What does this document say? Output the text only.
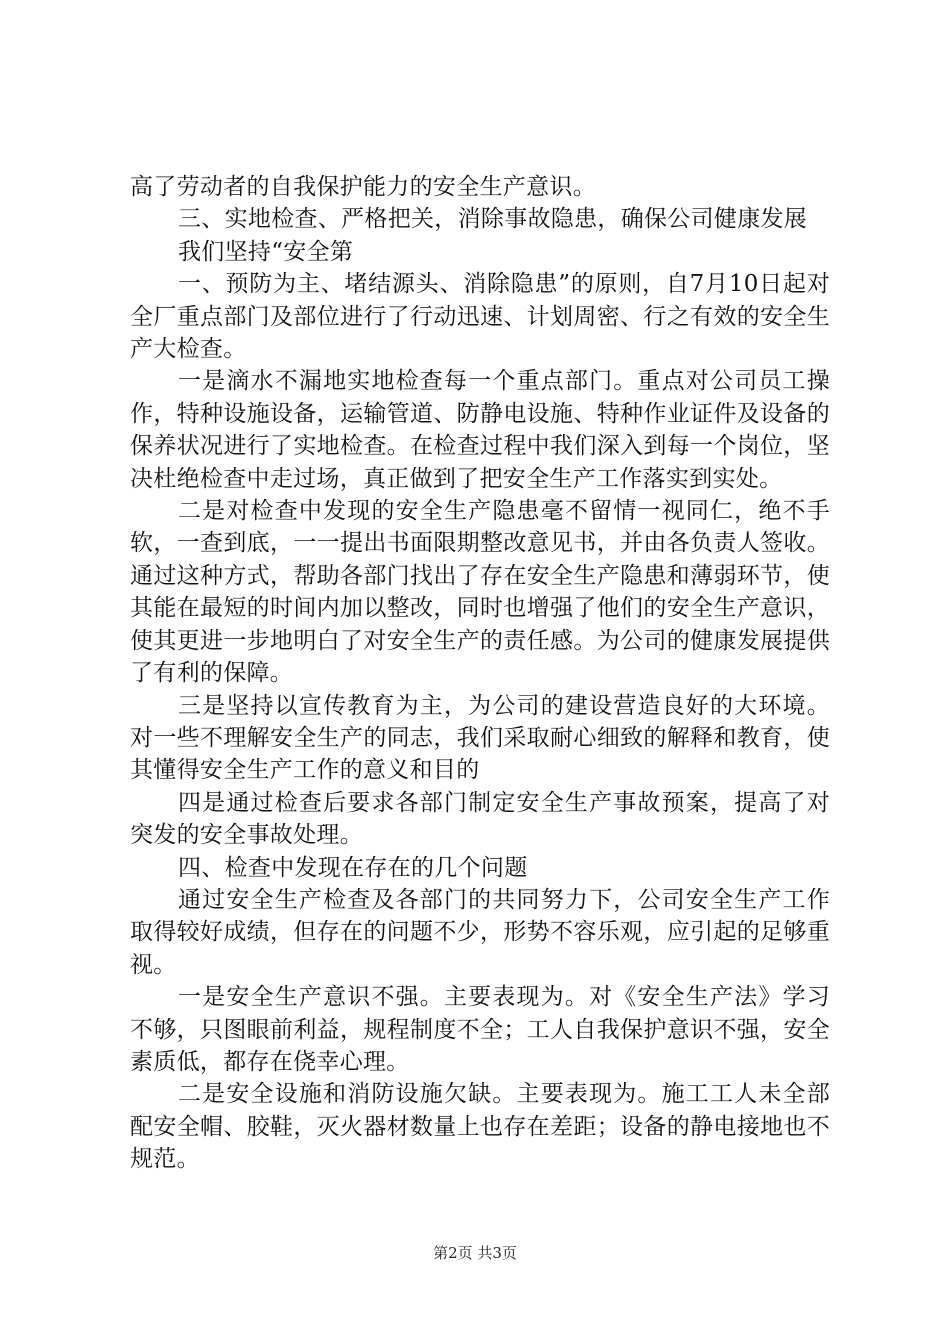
高了劳动者的自我保护能力的安全生产意识。

三、实地检查、严格把关，消除事故隐患，确保公司健康发展

我们坚持“安全第

一、预防为主、堵结源头、消除隐患”的原则，自7月10日起对全厂重点部门及部位进行了行动迅速、计划周密、行之有效的安全生产大检查。

一是滴水不漏地实地检查每一个重点部门。重点对公司员工操作，特种设施设备，运输管道、防静电设施、特种作业证件及设备的保养状况进行了实地检查。在检查过程中我们深入到每一个岗位，坚决杜绝检查中走过场，真正做到了把安全生产工作落实到实处。

二是对检查中发现的安全生产隐患毫不留情一视同仁，绝不手软，一查到底，一一提出书面限期整改意见书，并由各负责人签收。通过这种方式，帮助各部门找出了存在安全生产隐患和薄弱环节，使其能在最短的时间内加以整改，同时也增强了他们的安全生产意识，使其更进一步地明白了对安全生产的责任感。为公司的健康发展提供了有利的保障。

三是坚持以宣传教育为主，为公司的建设营造良好的大环境。对一些不理解安全生产的同志，我们采取耐心细致的解释和教育，使其懂得安全生产工作的意义和目的

四是通过检查后要求各部门制定安全生产事故预案，提高了对突发的安全事故处理。

四、检查中发现在存在的几个问题

通过安全生产检查及各部门的共同努力下，公司安全生产工作取得较好成绩，但存在的问题不少，形势不容乐观，应引起的足够重视。

一是安全生产意识不强。主要表现为。对《安全生产法》学习不够，只图眼前利益，规程制度不全；工人自我保护意识不强，安全素质低，都存在侥幸心理。

二是安全设施和消防设施欠缺。主要表现为。施工工人未全部配安全帽、胶鞋，灭火器材数量上也存在差距；设备的静电接地也不规范。

第2页 共3页
